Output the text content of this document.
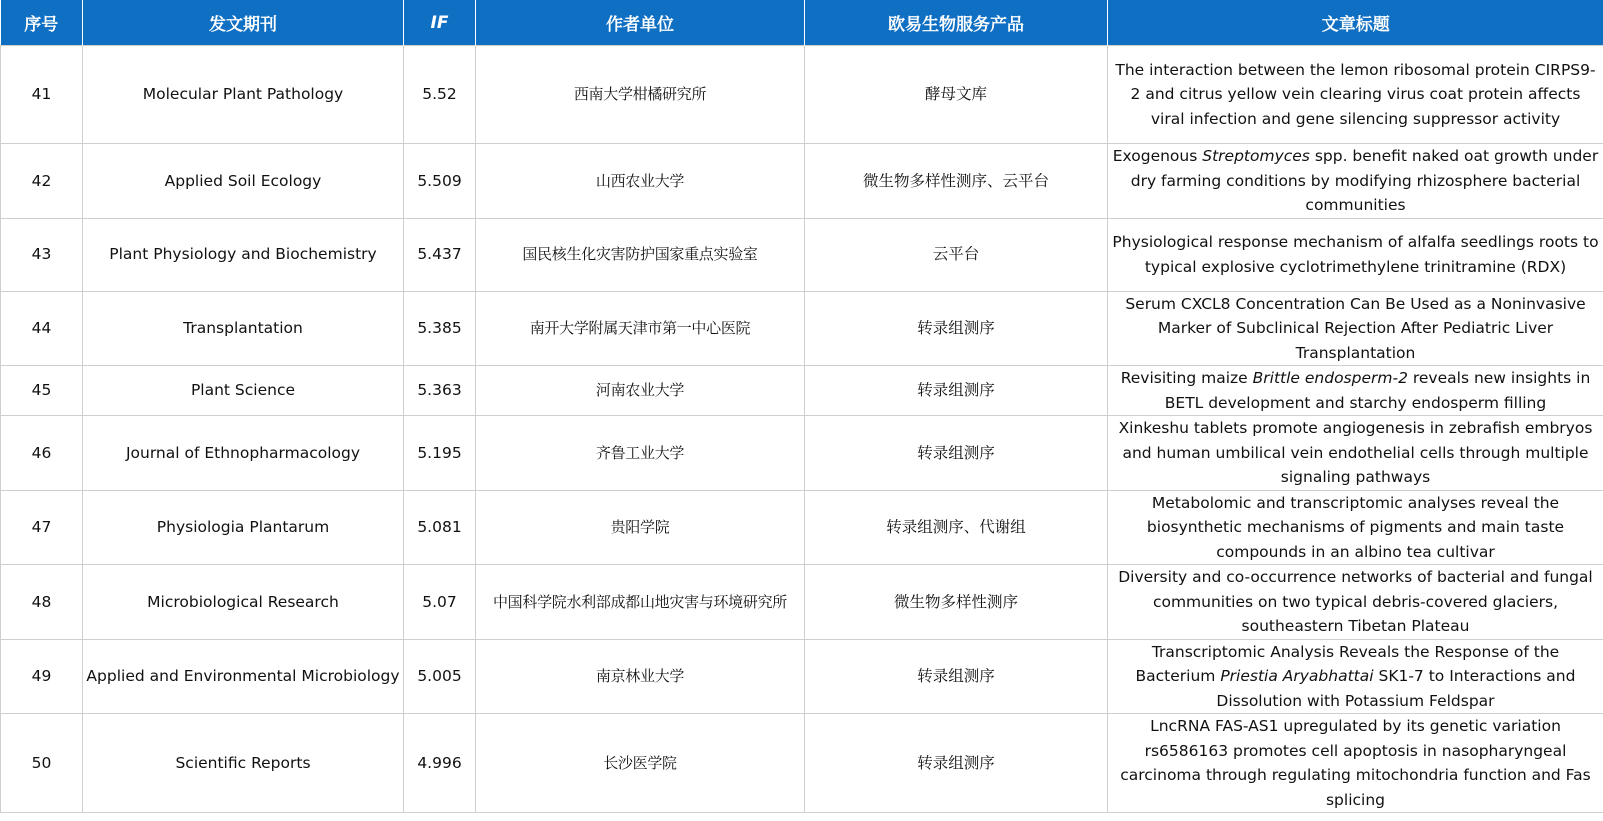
序号	发文期刊	IF	作者单位	欧易生物服务产品	文章标题
41	Molecular Plant Pathology	5.52	西南大学柑橘研究所	酵母文库	The interaction between the lemon ribosomal protein CIRPS9-2 and citrus yellow vein clearing virus coat protein affects viral infection and gene silencing suppressor activity
42	Applied Soil Ecology	5.509	山西农业大学	微生物多样性测序、云平台	Exogenous Streptomyces spp. benefit naked oat growth under dry farming conditions by modifying rhizosphere bacterial communities
43	Plant Physiology and Biochemistry	5.437	国民核生化灾害防护国家重点实验室	云平台	Physiological response mechanism of alfalfa seedlings roots to typical explosive cyclotrimethylene trinitramine (RDX)
44	Transplantation	5.385	南开大学附属天津市第一中心医院	转录组测序	Serum CXCL8 Concentration Can Be Used as a Noninvasive Marker of Subclinical Rejection After Pediatric Liver Transplantation
45	Plant Science	5.363	河南农业大学	转录组测序	Revisiting maize Brittle endosperm-2 reveals new insights in BETL development and starchy endosperm filling
46	Journal of Ethnopharmacology	5.195	齐鲁工业大学	转录组测序	Xinkeshu tablets promote angiogenesis in zebrafish embryos and human umbilical vein endothelial cells through multiple signaling pathways
47	Physiologia Plantarum	5.081	贵阳学院	转录组测序、代谢组	Metabolomic and transcriptomic analyses reveal the biosynthetic mechanisms of pigments and main taste compounds in an albino tea cultivar
48	Microbiological Research	5.07	中国科学院水利部成都山地灾害与环境研究所	微生物多样性测序	Diversity and co-occurrence networks of bacterial and fungal communities on two typical debris-covered glaciers, southeastern Tibetan Plateau
49	Applied and Environmental Microbiology	5.005	南京林业大学	转录组测序	Transcriptomic Analysis Reveals the Response of the Bacterium Priestia Aryabhattai SK1-7 to Interactions and Dissolution with Potassium Feldspar
50	Scientific Reports	4.996	长沙医学院	转录组测序	LncRNA FAS-AS1 upregulated by its genetic variation rs6586163 promotes cell apoptosis in nasopharyngeal carcinoma through regulating mitochondria function and Fas splicing
